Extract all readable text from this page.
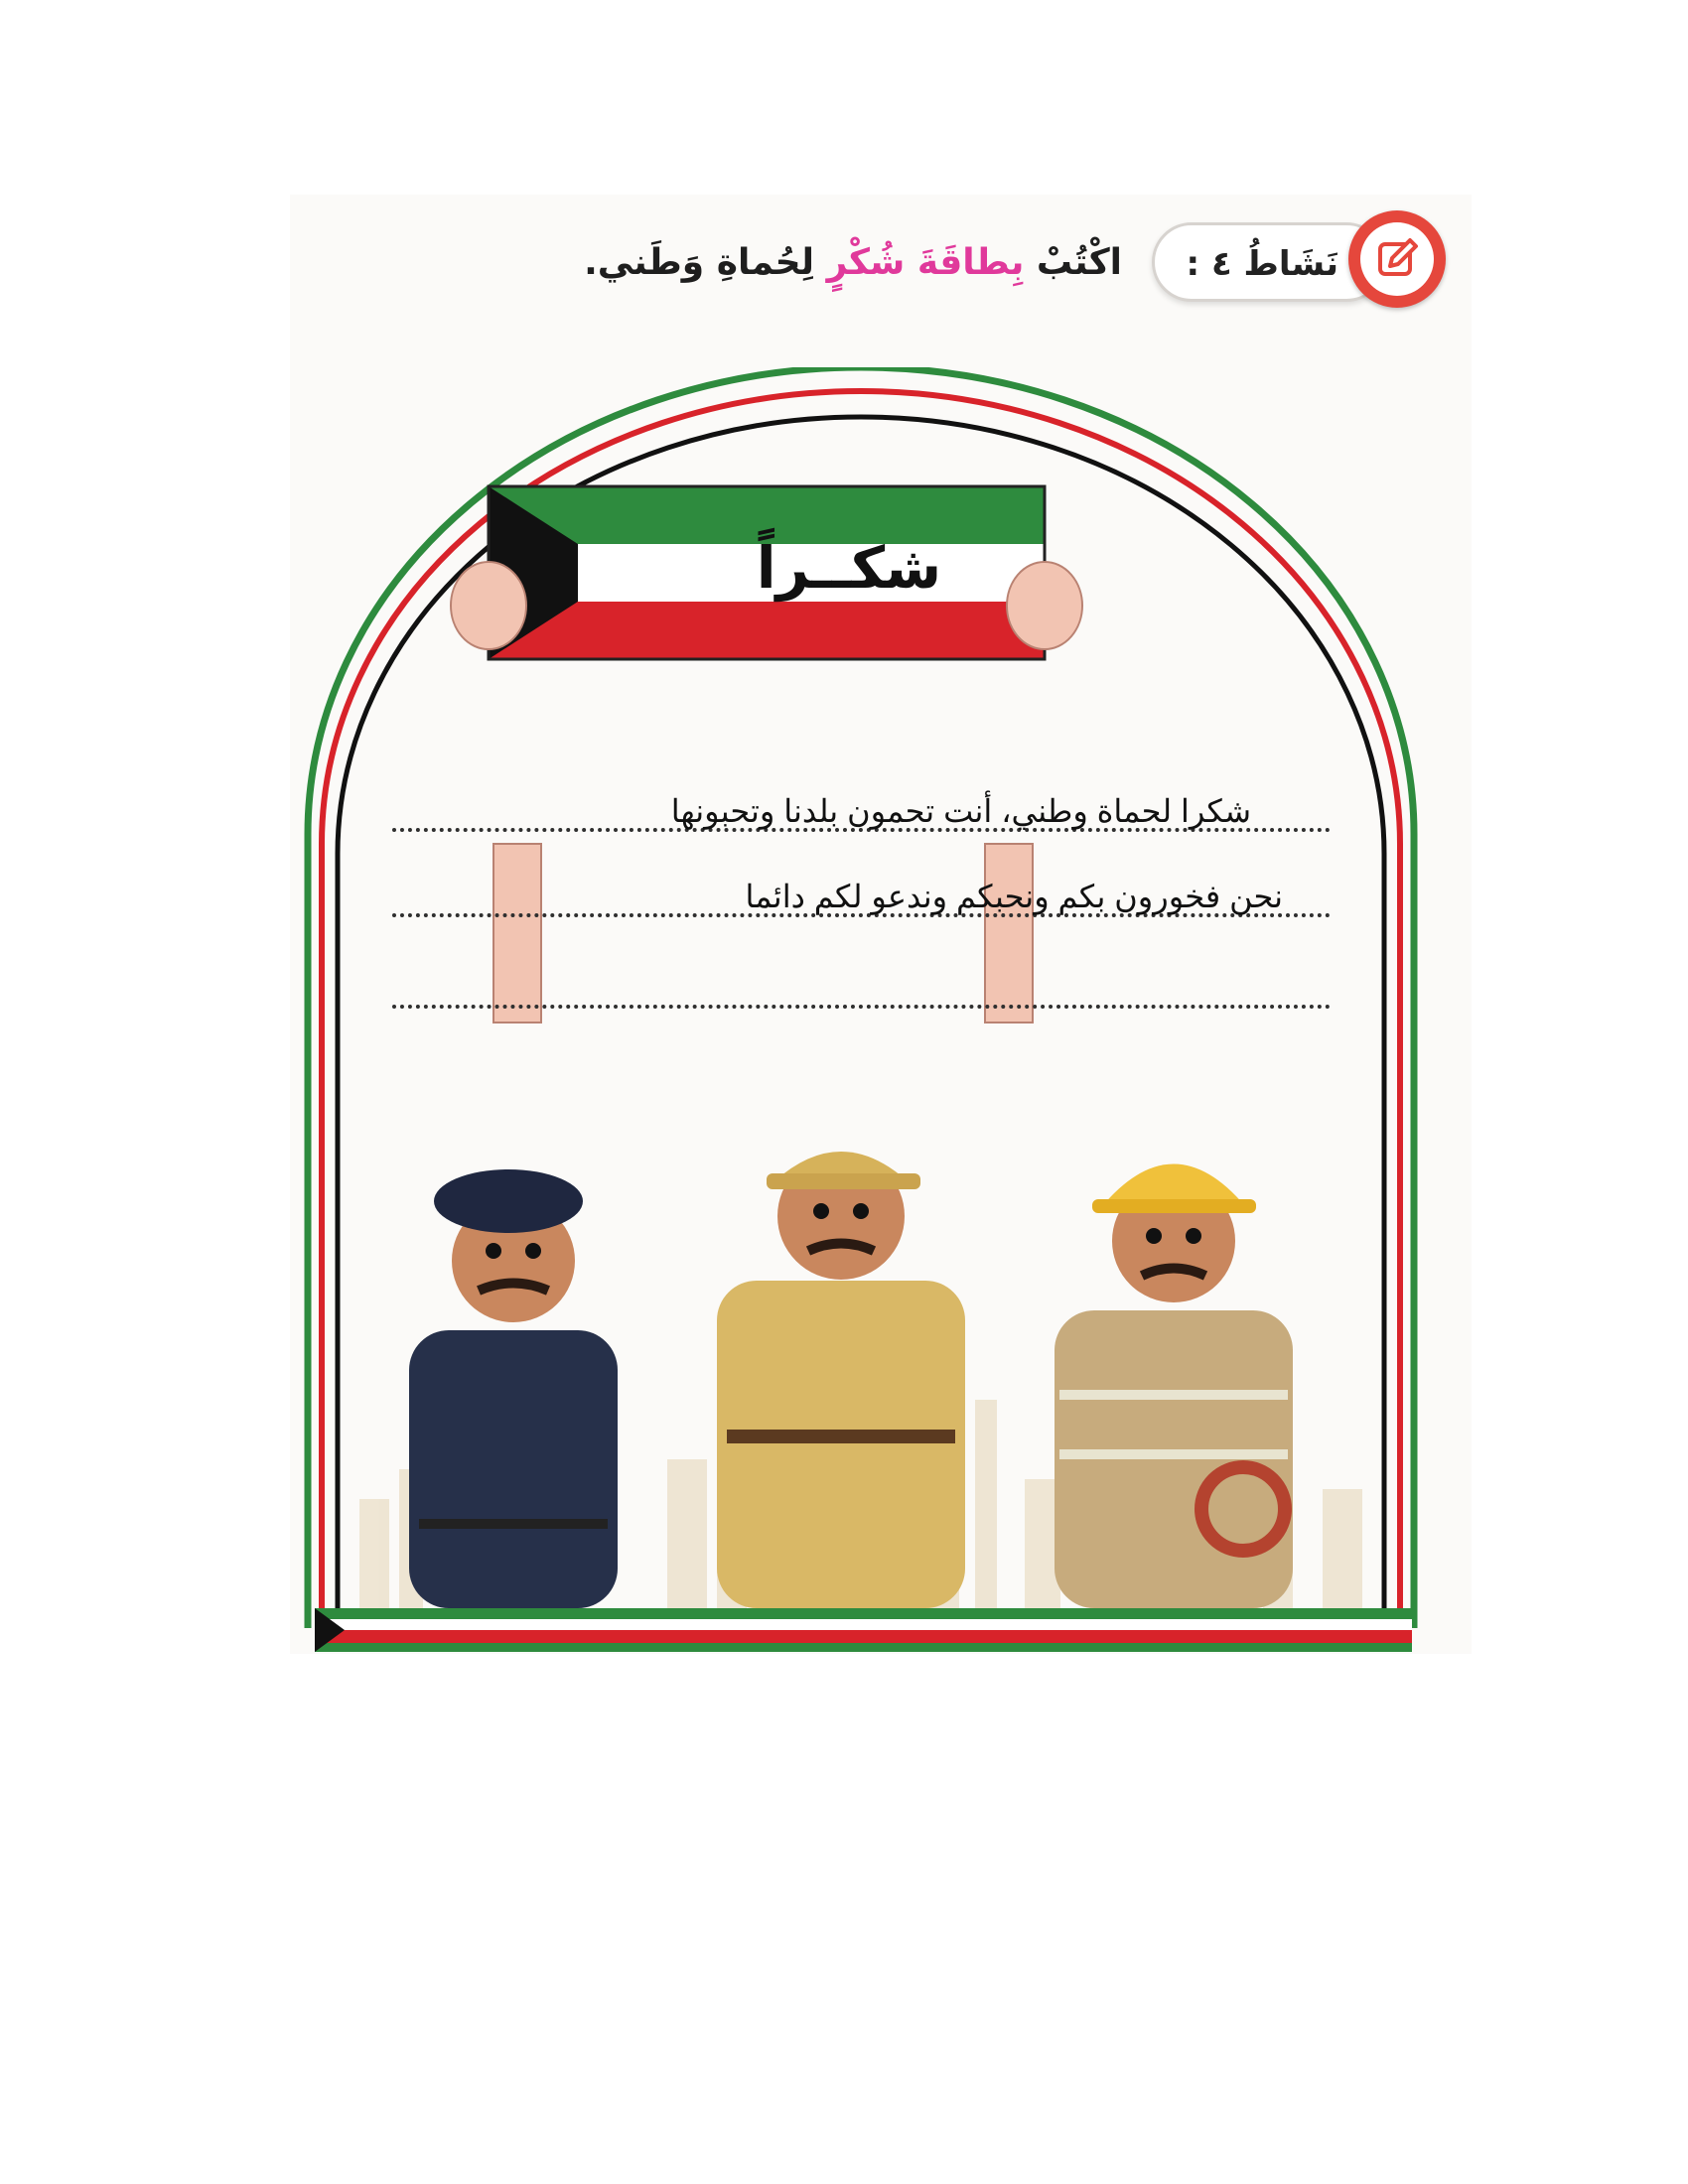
نَشَاطُ ٤ :
اكْتُبْ بِطاقَةَ شُكْرٍ لِحُماةِ وَطَني.
شكــراً
شكرا لحماة وطني، أنت تحمون بلدنا وتحبونها
نحن فخورون بكم ونحبكم وندعو لكم دائما
